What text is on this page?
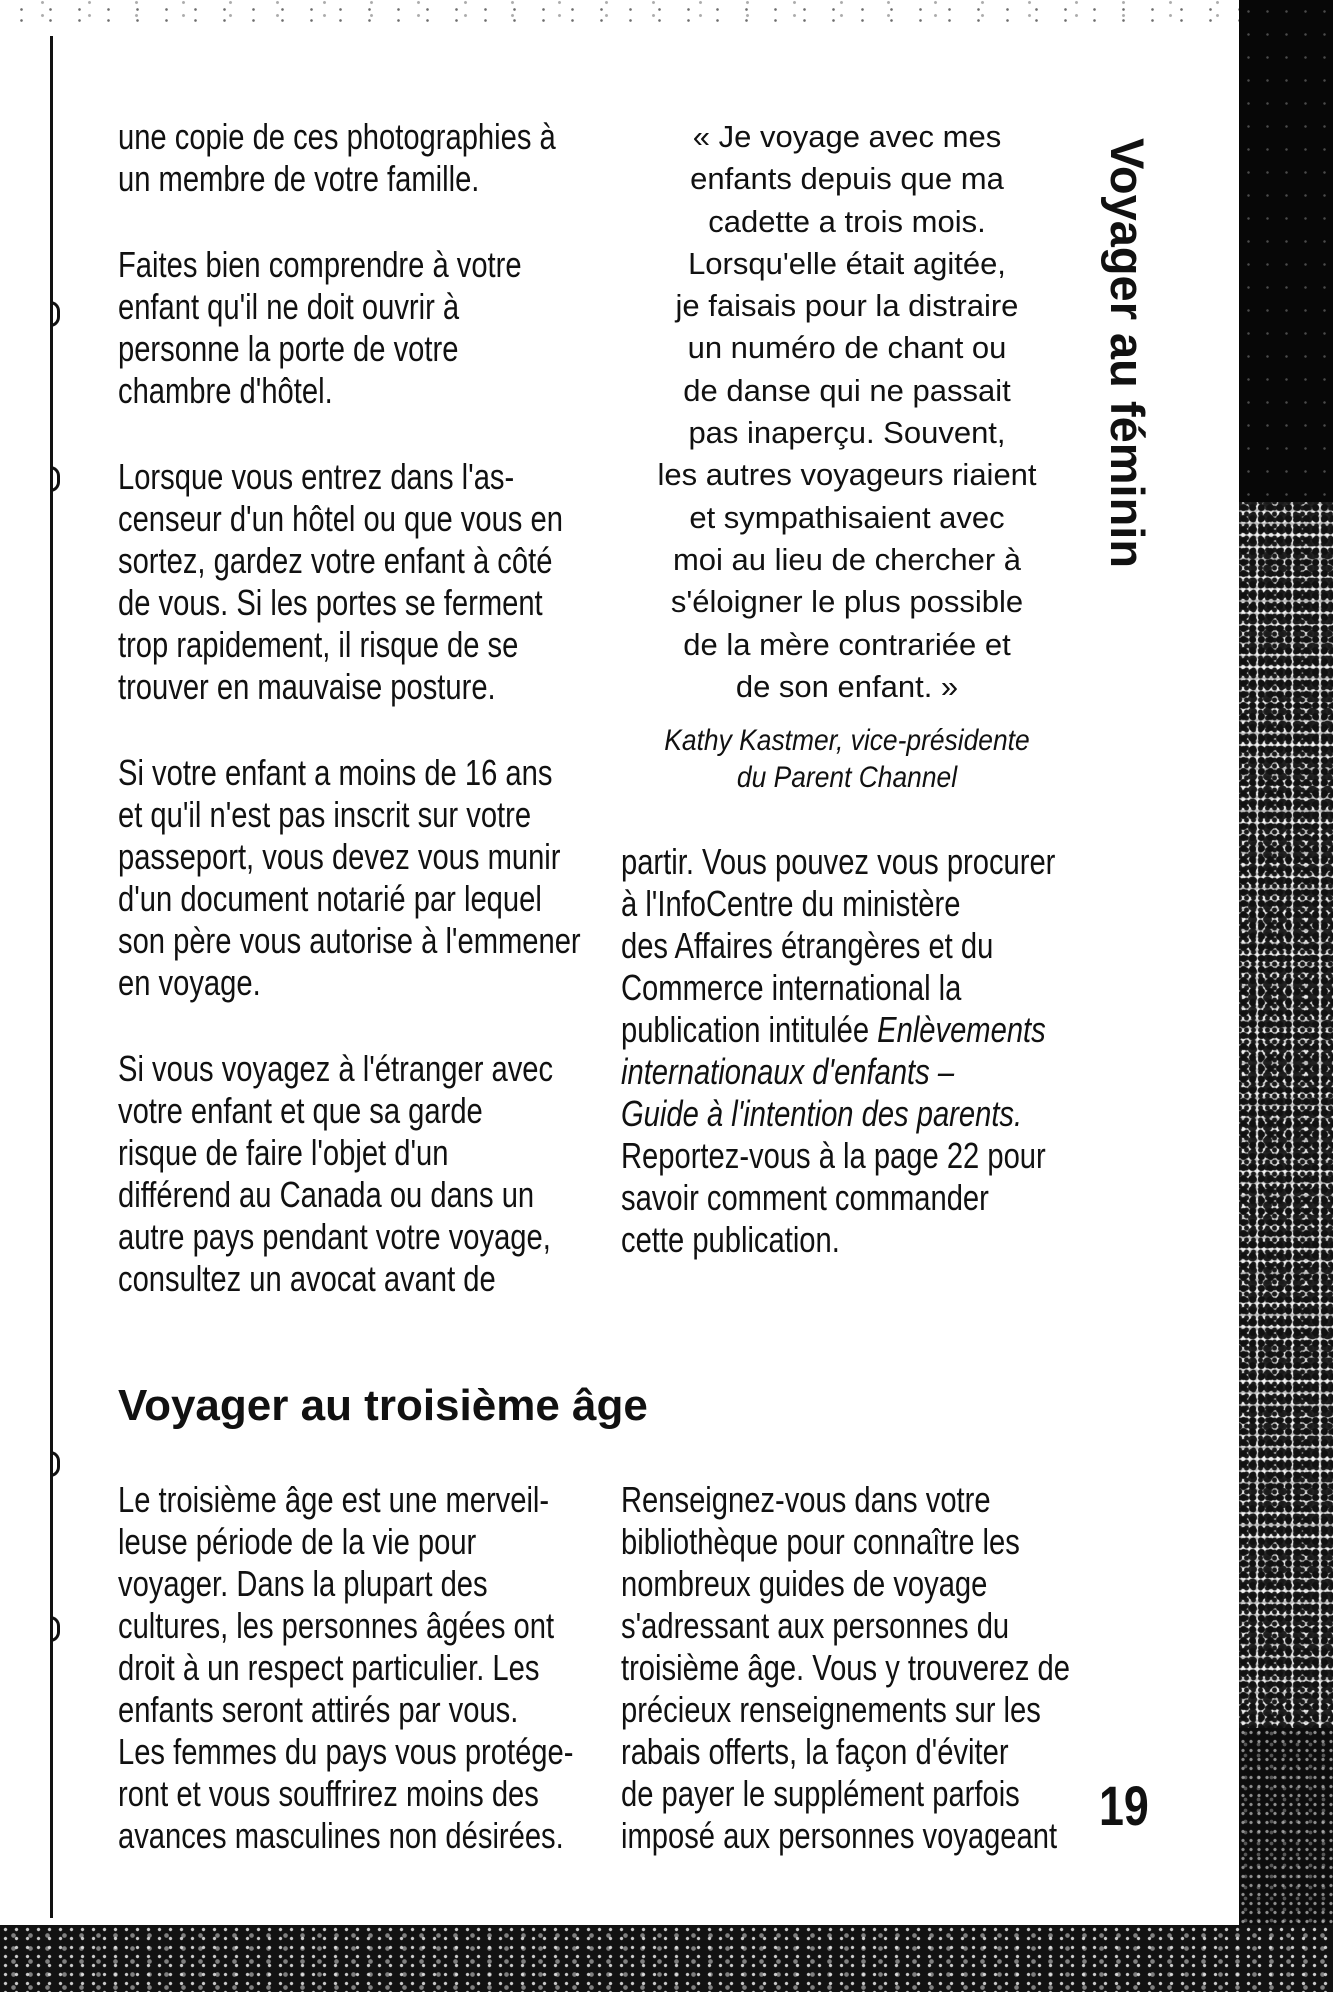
une copie de ces photographies à
un membre de votre famille.
Faites bien comprendre à votre
enfant qu'il ne doit ouvrir à
personne la porte de votre
chambre d'hôtel.
Lorsque vous entrez dans l'as-
censeur d'un hôtel ou que vous en
sortez, gardez votre enfant à côté
de vous. Si les portes se ferment
trop rapidement, il risque de se
trouver en mauvaise posture.
Si votre enfant a moins de 16 ans
et qu'il n'est pas inscrit sur votre
passeport, vous devez vous munir
d'un document notarié par lequel
son père vous autorise à l'emmener
en voyage.
Si vous voyagez à l'étranger avec
votre enfant et que sa garde
risque de faire l'objet d'un
différend au Canada ou dans un
autre pays pendant votre voyage,
consultez un avocat avant de
« Je voyage avec mes
enfants depuis que ma
cadette a trois mois.
Lorsqu'elle était agitée,
je faisais pour la distraire
un numéro de chant ou
de danse qui ne passait
pas inaperçu. Souvent,
les autres voyageurs riaient
et sympathisaient avec
moi au lieu de chercher à
s'éloigner le plus possible
de la mère contrariée et
de son enfant. »
Kathy Kastmer, vice-présidente
du Parent Channel
partir. Vous pouvez vous procurer
à l'InfoCentre du ministère
des Affaires étrangères et du
Commerce international la
publication intitulée Enlèvements
internationaux d'enfants –
Guide à l'intention des parents.
Reportez-vous à la page 22 pour
savoir comment commander
cette publication.
Voyager au troisième âge
Le troisième âge est une merveil-
leuse période de la vie pour
voyager. Dans la plupart des
cultures, les personnes âgées ont
droit à un respect particulier. Les
enfants seront attirés par vous.
Les femmes du pays vous protége-
ront et vous souffrirez moins des
avances masculines non désirées.
Renseignez-vous dans votre
bibliothèque pour connaître les
nombreux guides de voyage
s'adressant aux personnes du
troisième âge. Vous y trouverez de
précieux renseignements sur les
rabais offerts, la façon d'éviter
de payer le supplément parfois
imposé aux personnes voyageant
Voyager au féminin
19
